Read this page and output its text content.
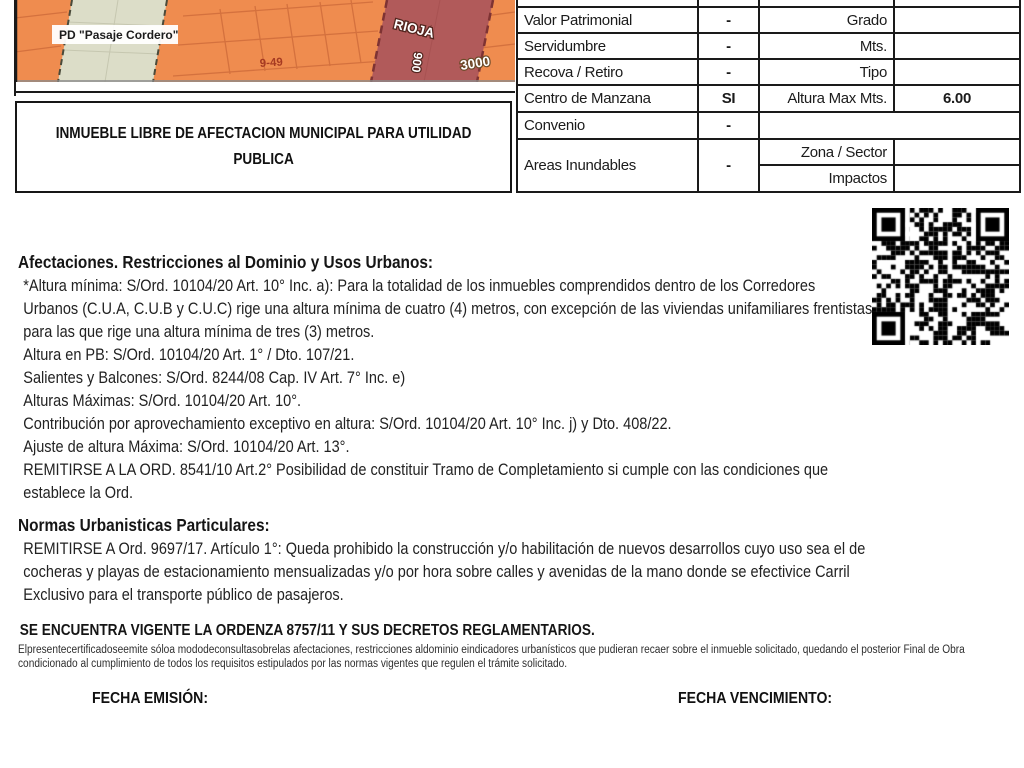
PD "Pasaje Cordero"
9-49
RIOJA
900	3000
INMUEBLE LIBRE DE AFECTACION MUNICIPAL PARA UTILIDAD
PUBLICA

Valor Patrimonial	-	Grado	
Servidumbre	-	Mts.	
Recova / Retiro	-	Tipo	
Centro de Manzana	SI	Altura Max Mts.	6.00
Convenio	-		
Areas Inundables	-	Zona / Sector	
		Impactos	
Afectaciones. Restricciones al Dominio y Usos Urbanos:
*Altura mínima: S/Ord. 10104/20 Art. 10° Inc. a): Para la totalidad de los inmuebles comprendidos dentro de los Corredores
Urbanos (C.U.A, C.U.B y C.U.C) rige una altura mínima de cuatro (4) metros, con excepción de las viviendas unifamiliares frentistas
para las que rige una altura mínima de tres (3) metros.
Altura en PB: S/Ord. 10104/20 Art. 1° / Dto. 107/21.
Salientes y Balcones: S/Ord. 8244/08 Cap. IV Art. 7° Inc. e)
Alturas Máximas: S/Ord. 10104/20 Art. 10°.
Contribución por aprovechamiento exceptivo en altura: S/Ord. 10104/20 Art. 10° Inc. j) y Dto. 408/22.
Ajuste de altura Máxima: S/Ord. 10104/20 Art. 13°.
REMITIRSE A LA ORD. 8541/10 Art.2° Posibilidad de constituir Tramo de Completamiento si cumple con las condiciones que
establece la Ord.
Normas Urbanisticas Particulares:
REMITIRSE A Ord. 9697/17. Artículo 1°: Queda prohibido la construcción y/o habilitación de nuevos desarrollos cuyo uso sea el de
cocheras y playas de estacionamiento mensualizadas y/o por hora sobre calles y avenidas de la mano donde se efectivice Carril
Exclusivo para el transporte público de pasajeros.
SE ENCUENTRA VIGENTE LA ORDENZA 8757/11 Y SUS DECRETOS REGLAMENTARIOS.
Elpresentecertificadoseemite sóloa mododeconsultasobrelas afectaciones, restricciones aldominio eindicadores urbanísticos que pudieran recaer sobre el inmueble solicitado, quedando el posterior Final de Obra
condicionado al cumplimiento de todos los requisitos estipulados por las normas vigentes que regulen el trámite solicitado.
FECHA EMISIÓN:	FECHA VENCIMIENTO:
